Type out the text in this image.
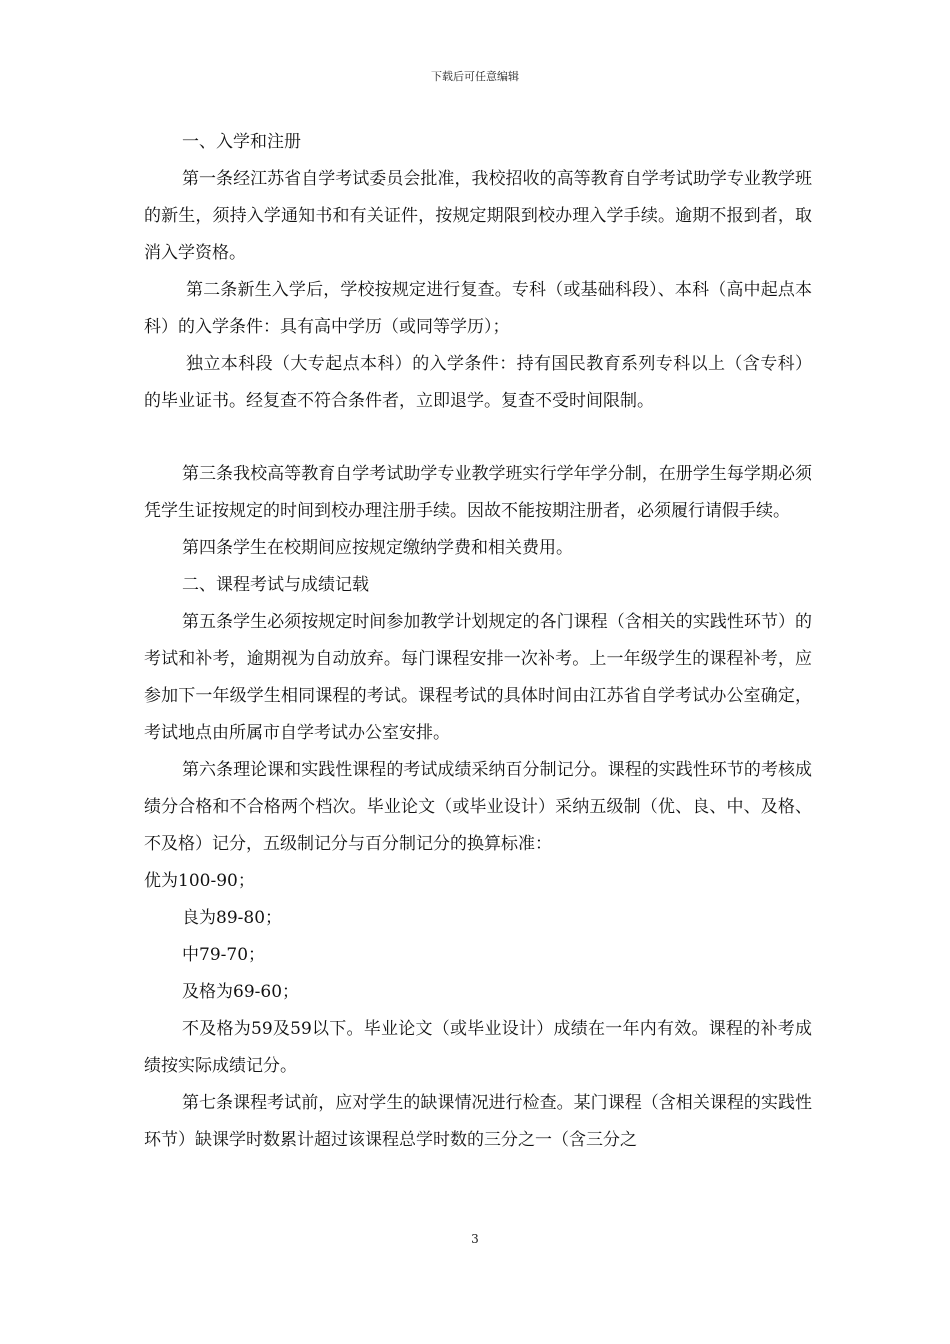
下载后可任意编辑

一、入学和注册

第一条经江苏省自学考试委员会批准，我校招收的高等教育自学考试助学专业教学班的新生，须持入学通知书和有关证件，按规定期限到校办理入学手续。逾期不报到者，取消入学资格。

第二条新生入学后，学校按规定进行复查。专科（或基础科段）、本科（高中起点本科）的入学条件：具有高中学历（或同等学历）；

独立本科段（大专起点本科）的入学条件：持有国民教育系列专科以上（含专科）的毕业证书。经复查不符合条件者，立即退学。复查不受时间限制。

第三条我校高等教育自学考试助学专业教学班实行学年学分制，在册学生每学期必须凭学生证按规定的时间到校办理注册手续。因故不能按期注册者，必须履行请假手续。

第四条学生在校期间应按规定缴纳学费和相关费用。

二、课程考试与成绩记载

第五条学生必须按规定时间参加教学计划规定的各门课程（含相关的实践性环节）的考试和补考，逾期视为自动放弃。每门课程安排一次补考。上一年级学生的课程补考，应参加下一年级学生相同课程的考试。课程考试的具体时间由江苏省自学考试办公室确定，考试地点由所属市自学考试办公室安排。

第六条理论课和实践性课程的考试成绩采纳百分制记分。课程的实践性环节的考核成绩分合格和不合格两个档次。毕业论文（或毕业设计）采纳五级制（优、良、中、及格、不及格）记分，五级制记分与百分制记分的换算标准：

优为100-90；

良为89-80；

中79-70；

及格为69-60；

不及格为59及59以下。毕业论文（或毕业设计）成绩在一年内有效。课程的补考成绩按实际成绩记分。

第七条课程考试前，应对学生的缺课情况进行检查。某门课程（含相关课程的实践性环节）缺课学时数累计超过该课程总学时数的三分之一（含三分之

3
